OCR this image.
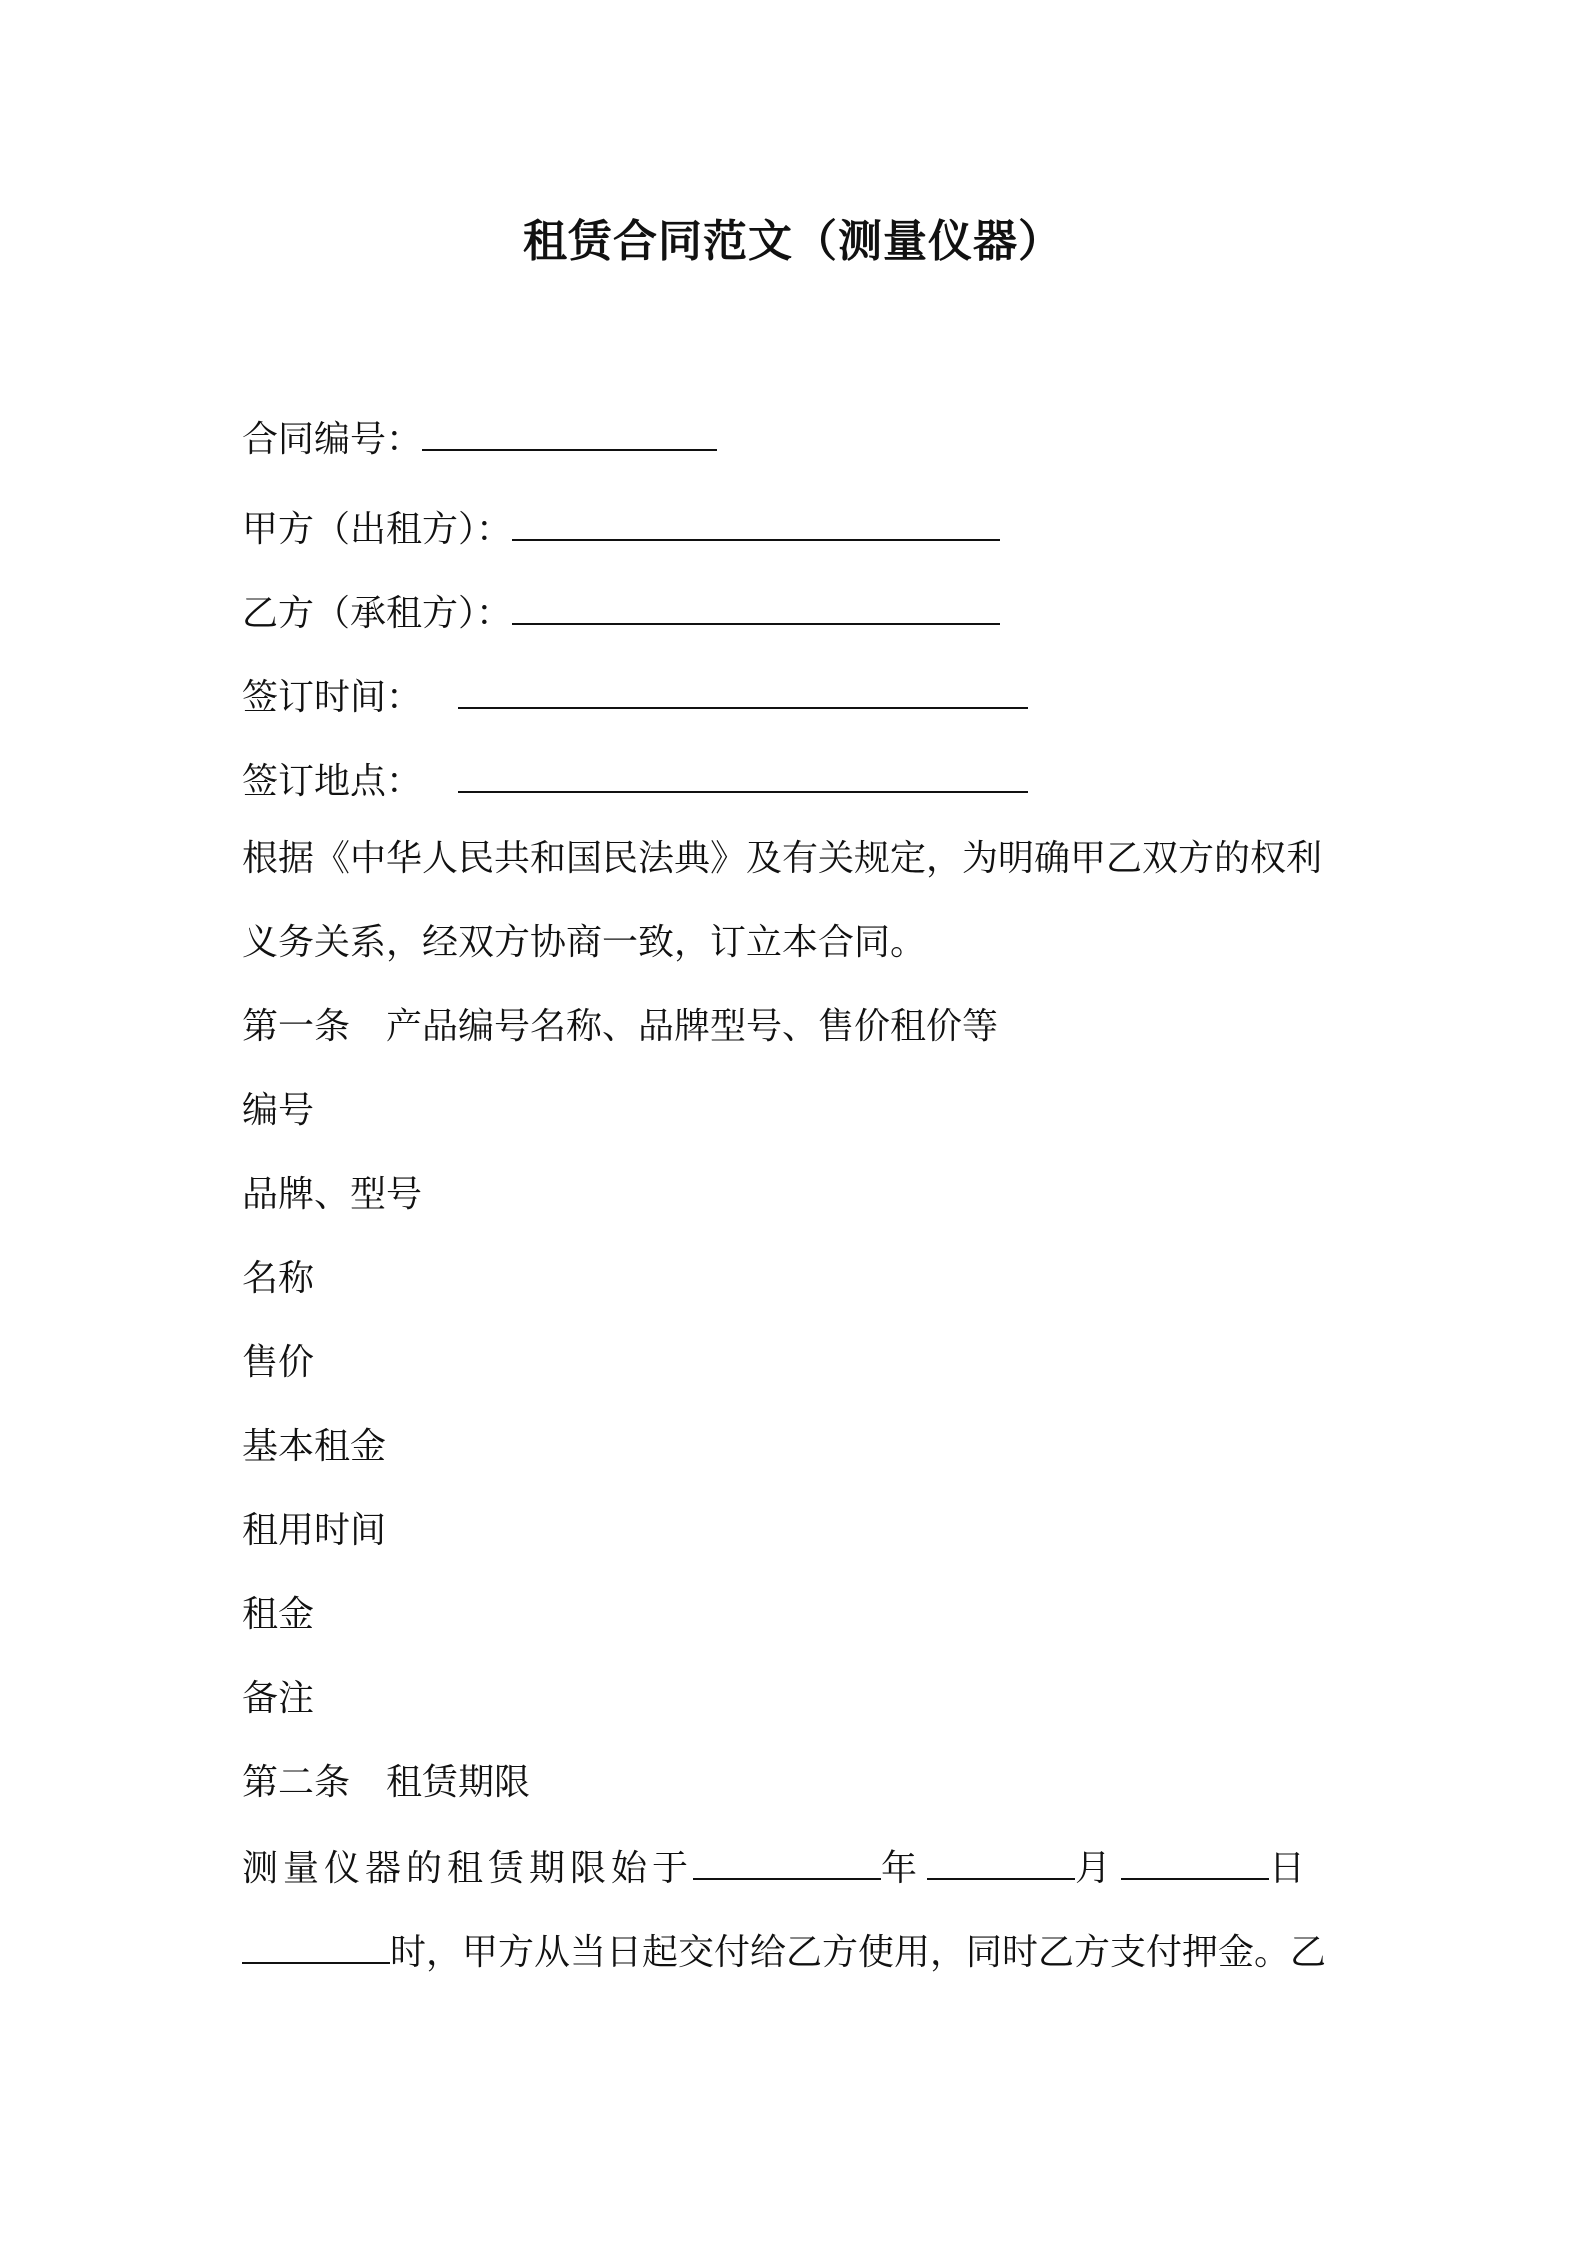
租赁合同范文（测量仪器）
合同编号：
甲方（出租方）：
乙方（承租方）：
签订时间：
签订地点：
根据《中华人民共和国民法典》及有关规定，为明确甲乙双方的权利
义务关系，经双方协商一致，订立本合同。
第一条　产品编号名称、品牌型号、售价租价等
编号
品牌、型号
名称
售价
基本租金
租用时间
租金
备注
第二条　租赁期限
测量仪器的租赁期限始于	年	月	日
时，甲方从当日起交付给乙方使用，同时乙方支付押金。乙
